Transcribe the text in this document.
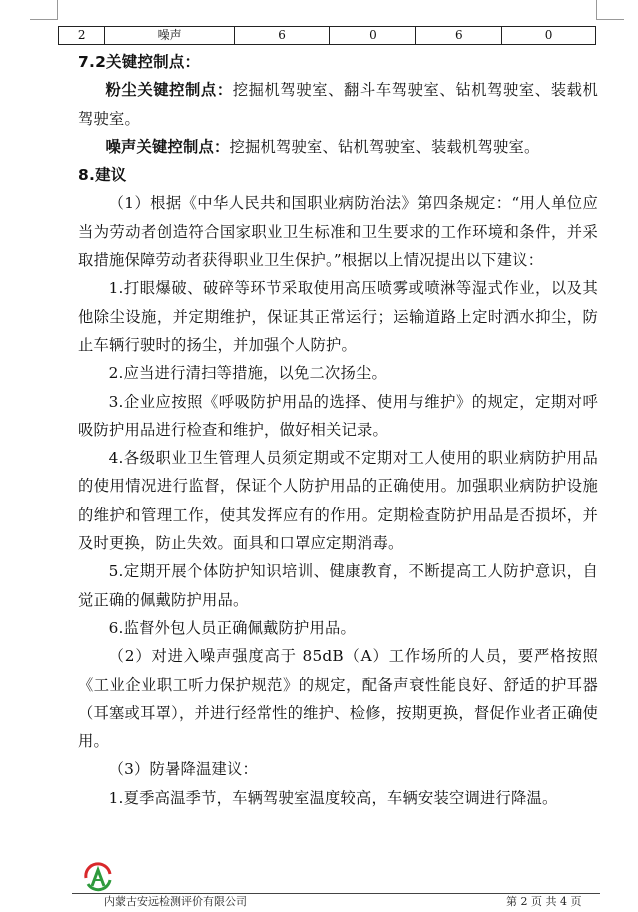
2	噪声	6	0	6	0

7.2关键控制点：

粉尘关键控制点：挖掘机驾驶室、翻斗车驾驶室、钻机驾驶室、装载机驾驶室。

噪声关键控制点：挖掘机驾驶室、钻机驾驶室、装载机驾驶室。

8.建议

（1）根据《中华人民共和国职业病防治法》第四条规定：“用人单位应当为劳动者创造符合国家职业卫生标准和卫生要求的工作环境和条件，并采取措施保障劳动者获得职业卫生保护。”根据以上情况提出以下建议：

1.打眼爆破、破碎等环节采取使用高压喷雾或喷淋等湿式作业，以及其他除尘设施，并定期维护，保证其正常运行；运输道路上定时洒水抑尘，防止车辆行驶时的扬尘，并加强个人防护。

2.应当进行清扫等措施，以免二次扬尘。

3.企业应按照《呼吸防护用品的选择、使用与维护》的规定，定期对呼吸防护用品进行检查和维护，做好相关记录。

4.各级职业卫生管理人员须定期或不定期对工人使用的职业病防护用品的使用情况进行监督，保证个人防护用品的正确使用。加强职业病防护设施的维护和管理工作，使其发挥应有的作用。定期检查防护用品是否损坏，并及时更换，防止失效。面具和口罩应定期消毒。

5.定期开展个体防护知识培训、健康教育，不断提高工人防护意识，自觉正确的佩戴防护用品。

6.监督外包人员正确佩戴防护用品。

（2）对进入噪声强度高于 85dB（A）工作场所的人员，要严格按照《工业企业职工听力保护规范》的规定，配备声衰性能良好、舒适的护耳器（耳塞或耳罩），并进行经常性的维护、检修，按期更换，督促作业者正确使用。

（3）防暑降温建议：

1.夏季高温季节，车辆驾驶室温度较高，车辆安装空调进行降温。

内蒙古安远检测评价有限公司	第 2 页 共 4 页
